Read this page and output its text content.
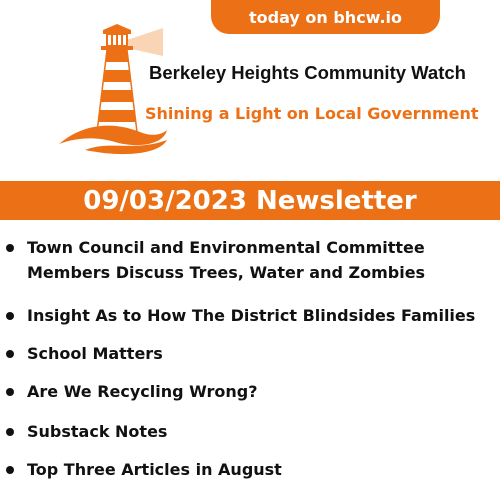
today on bhcw.io
Berkeley Heights Community Watch
Shining a Light on Local Government
09/03/2023 Newsletter
Town Council and Environmental Committee Members Discuss Trees, Water and Zombies
Insight As to How The District Blindsides Families
School Matters
Are We Recycling Wrong?
Substack Notes
Top Three Articles in August
